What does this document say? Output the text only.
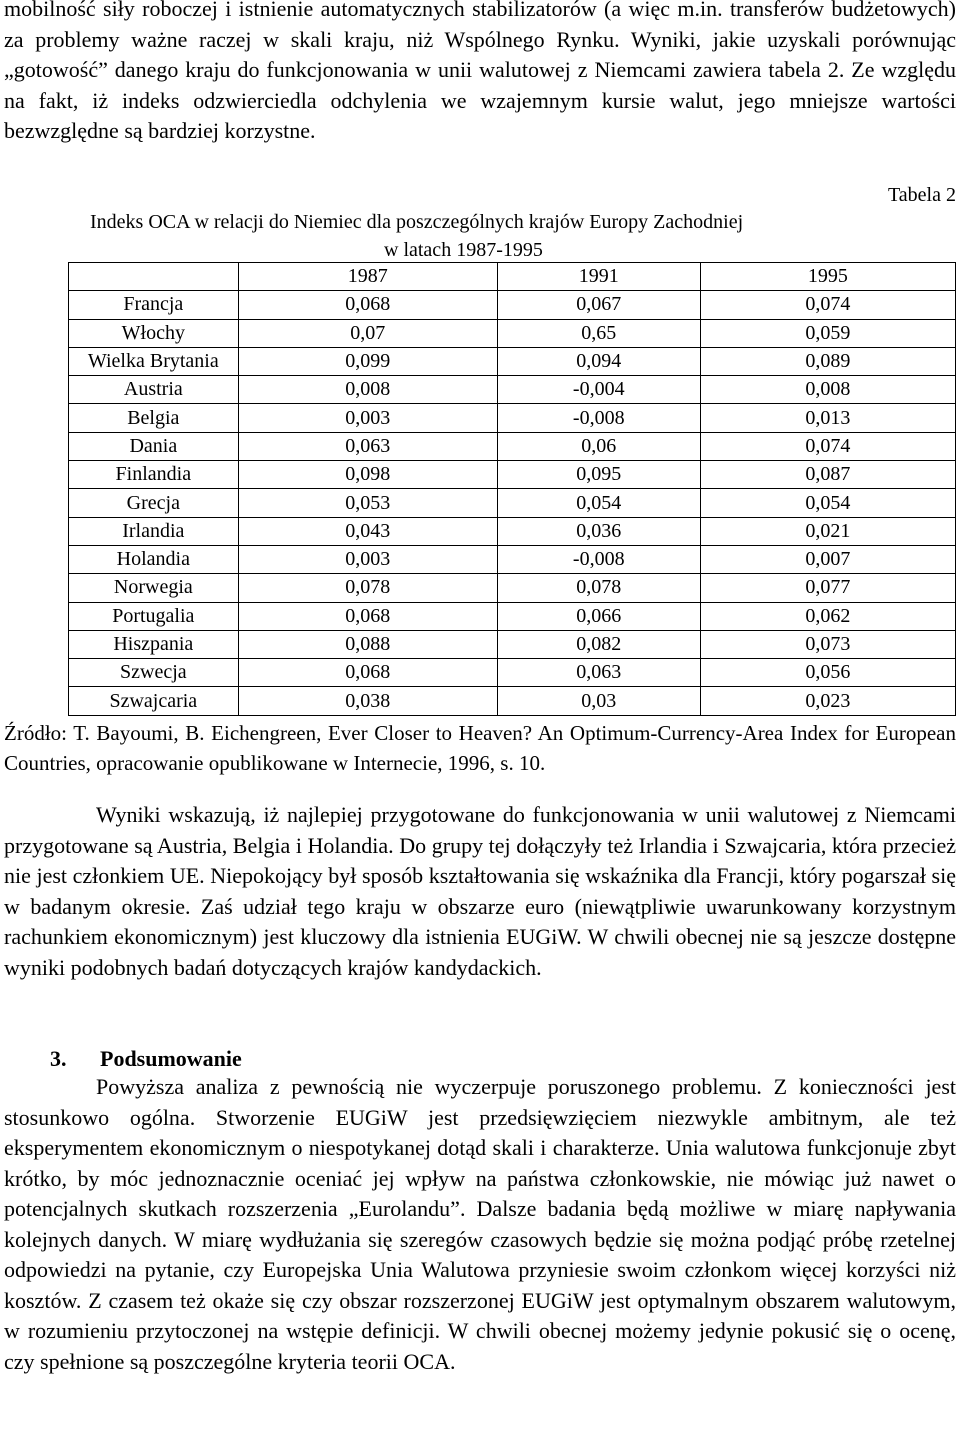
mobilność siły roboczej i istnienie automatycznych stabilizatorów (a więc m.in. transferów budżetowych) za problemy ważne raczej w skali kraju, niż Wspólnego Rynku. Wyniki, jakie uzyskali porównując „gotowość” danego kraju do funkcjonowania w unii walutowej z Niemcami zawiera tabela 2. Ze względu na fakt, iż indeks odzwierciedla odchylenia we wzajemnym kursie walut, jego mniejsze wartości bezwzględne są bardziej korzystne.

Tabela 2
Indeks OCA w relacji do Niemiec dla poszczególnych krajów Europy Zachodniej
w latach 1987-1995
	1987	1991	1995
Francja	0,068	0,067	0,074
Włochy	0,07	0,65	0,059
Wielka Brytania	0,099	0,094	0,089
Austria	0,008	-0,004	0,008
Belgia	0,003	-0,008	0,013
Dania	0,063	0,06	0,074
Finlandia	0,098	0,095	0,087
Grecja	0,053	0,054	0,054
Irlandia	0,043	0,036	0,021
Holandia	0,003	-0,008	0,007
Norwegia	0,078	0,078	0,077
Portugalia	0,068	0,066	0,062
Hiszpania	0,088	0,082	0,073
Szwecja	0,068	0,063	0,056
Szwajcaria	0,038	0,03	0,023
Źródło: T. Bayoumi, B. Eichengreen, Ever Closer to Heaven? An Optimum-Currency-Area Index for European Countries, opracowanie opublikowane w Internecie, 1996, s. 10.

Wyniki wskazują, iż najlepiej przygotowane do funkcjonowania w unii walutowej z Niemcami przygotowane są Austria, Belgia i Holandia. Do grupy tej dołączyły też Irlandia i Szwajcaria, która przecież nie jest członkiem UE. Niepokojący był sposób kształtowania się wskaźnika dla Francji, który pogarszał się w badanym okresie. Zaś udział tego kraju w obszarze euro (niewątpliwie uwarunkowany korzystnym rachunkiem ekonomicznym) jest kluczowy dla istnienia EUGiW. W chwili obecnej nie są jeszcze dostępne wyniki podobnych badań dotyczących krajów kandydackich.

3. Podsumowanie

Powyższa analiza z pewnością nie wyczerpuje poruszonego problemu. Z konieczności jest stosunkowo ogólna. Stworzenie EUGiW jest przedsięwzięciem niezwykle ambitnym, ale też eksperymentem ekonomicznym o niespotykanej dotąd skali i charakterze. Unia walutowa funkcjonuje zbyt krótko, by móc jednoznacznie oceniać jej wpływ na państwa członkowskie, nie mówiąc już nawet o potencjalnych skutkach rozszerzenia „Eurolandu”. Dalsze badania będą możliwe w miarę napływania kolejnych danych. W miarę wydłużania się szeregów czasowych będzie się można podjąć próbę rzetelnej odpowiedzi na pytanie, czy Europejska Unia Walutowa przyniesie swoim członkom więcej korzyści niż kosztów. Z czasem też okaże się czy obszar rozszerzonej EUGiW jest optymalnym obszarem walutowym, w rozumieniu przytoczonej na wstępie definicji. W chwili obecnej możemy jedynie pokusić się o ocenę, czy spełnione są poszczególne kryteria teorii OCA.
